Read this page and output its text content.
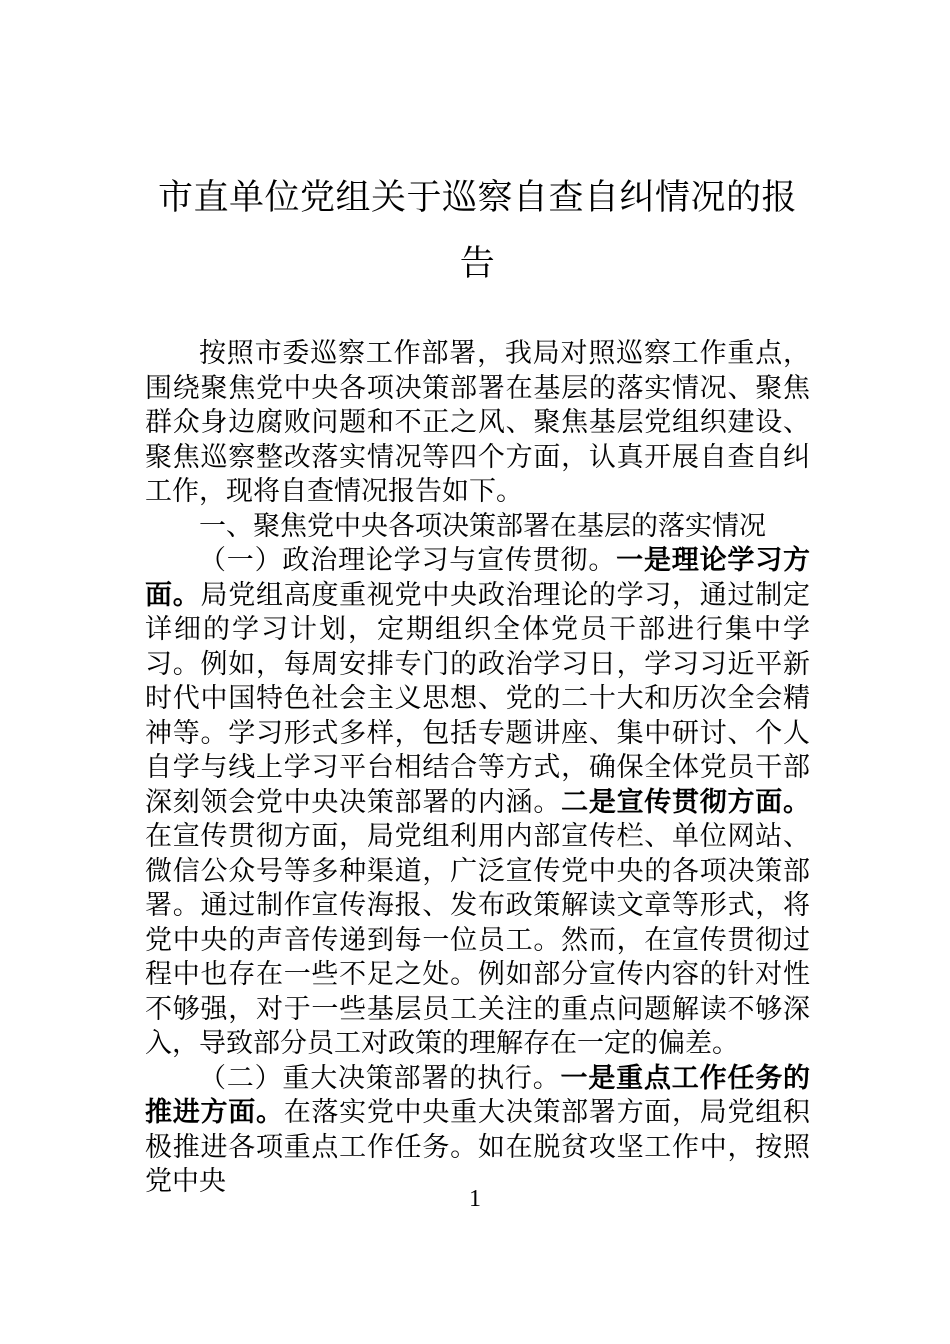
市直单位党组关于巡察自查自纠情况的报告

按照市委巡察工作部署，我局对照巡察工作重点，围绕聚焦党中央各项决策部署在基层的落实情况、聚焦群众身边腐败问题和不正之风、聚焦基层党组织建设、聚焦巡察整改落实情况等四个方面，认真开展自查自纠工作，现将自查情况报告如下。

一、聚焦党中央各项决策部署在基层的落实情况

（一）政治理论学习与宣传贯彻。一是理论学习方面。局党组高度重视党中央政治理论的学习，通过制定详细的学习计划，定期组织全体党员干部进行集中学习。例如，每周安排专门的政治学习日，学习习近平新时代中国特色社会主义思想、党的二十大和历次全会精神等。学习形式多样，包括专题讲座、集中研讨、个人自学与线上学习平台相结合等方式，确保全体党员干部深刻领会党中央决策部署的内涵。二是宣传贯彻方面。在宣传贯彻方面，局党组利用内部宣传栏、单位网站、微信公众号等多种渠道，广泛宣传党中央的各项决策部署。通过制作宣传海报、发布政策解读文章等形式，将党中央的声音传递到每一位员工。然而，在宣传贯彻过程中也存在一些不足之处。例如部分宣传内容的针对性不够强，对于一些基层员工关注的重点问题解读不够深入，导致部分员工对政策的理解存在一定的偏差。

（二）重大决策部署的执行。一是重点工作任务的推进方面。在落实党中央重大决策部署方面，局党组积极推进各项重点工作任务。如在脱贫攻坚工作中，按照党中央

1
